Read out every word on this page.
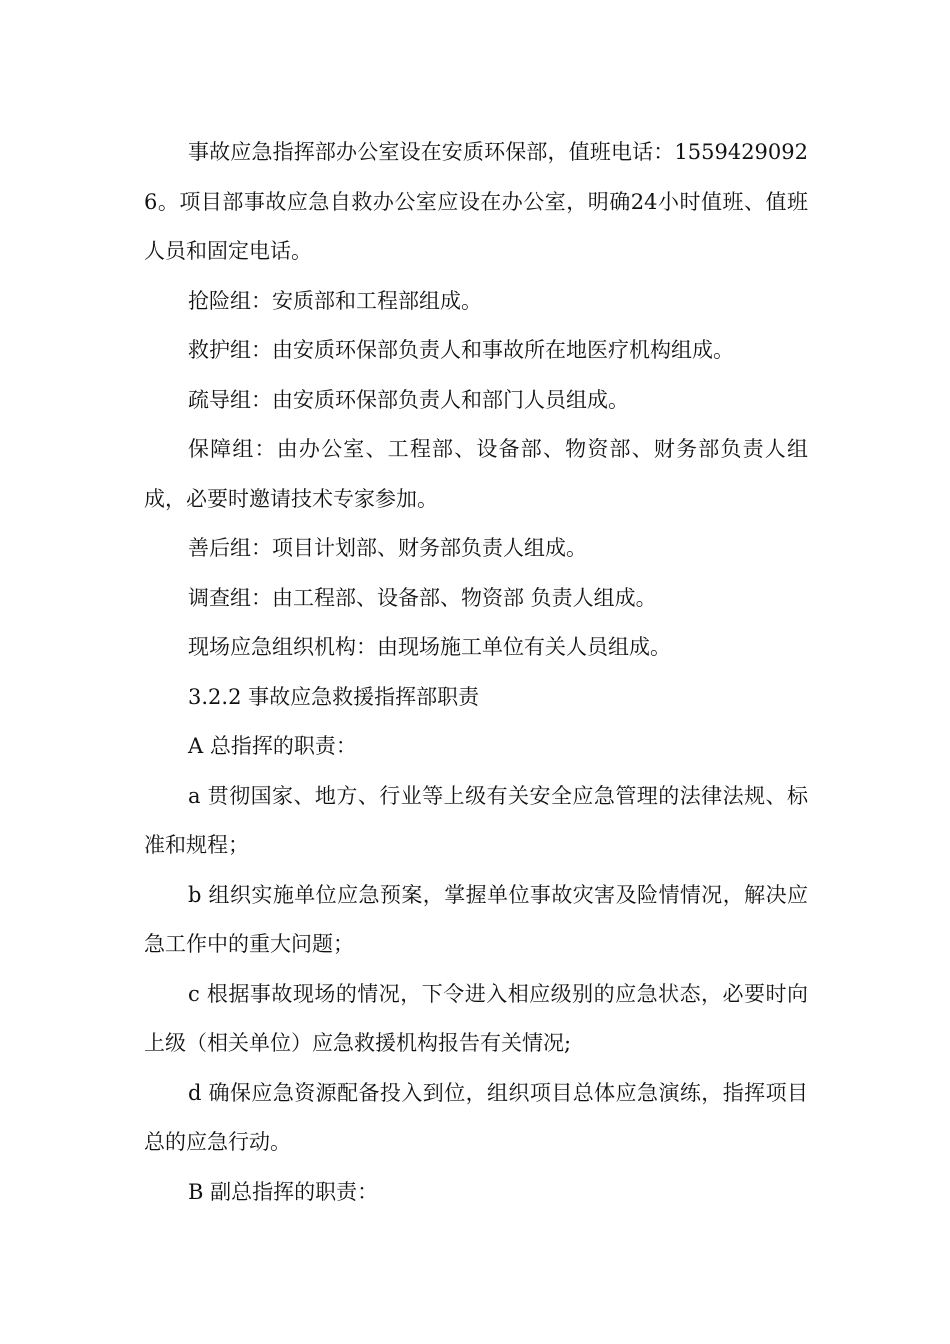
事故应急指挥部办公室设在安质环保部，值班电话：15594290926。项目部事故应急自救办公室应设在办公室，明确24小时值班、值班人员和固定电话。

抢险组：安质部和工程部组成。

救护组：由安质环保部负责人和事故所在地医疗机构组成。

疏导组：由安质环保部负责人和部门人员组成。

保障组：由办公室、工程部、设备部、物资部、财务部负责人组成，必要时邀请技术专家参加。

善后组：项目计划部、财务部负责人组成。

调查组：由工程部、设备部、物资部 负责人组成。

现场应急组织机构：由现场施工单位有关人员组成。

3.2.2 事故应急救援指挥部职责

A 总指挥的职责：

a 贯彻国家、地方、行业等上级有关安全应急管理的法律法规、标准和规程；

b 组织实施单位应急预案，掌握单位事故灾害及险情情况，解决应急工作中的重大问题；

c 根据事故现场的情况，下令进入相应级别的应急状态，必要时向上级（相关单位）应急救援机构报告有关情况;

d 确保应急资源配备投入到位，组织项目总体应急演练，指挥项目总的应急行动。

B 副总指挥的职责：
